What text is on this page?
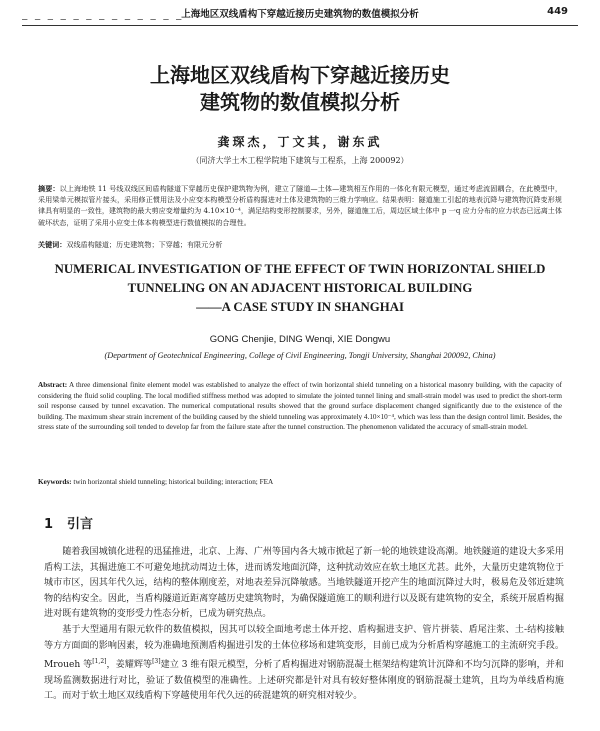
— — — — — — — — — — — — —
上海地区双线盾构下穿越近接历史建筑物的数值模拟分析	449
上海地区双线盾构下穿越近接历史
建筑物的数值模拟分析
龚琛杰，丁文其，谢东武
（同济大学土木工程学院地下建筑与工程系，上海 200092）
摘要：以上海地铁 11 号线双线区间盾构隧道下穿越历史保护建筑物为例，建立了隧道—土体—建筑相互作用的一体化有限元模型，通过考虑流固耦合，在此模型中，采用梁单元模拟管片接头，采用修正惯用法及小应变本构模型分析盾构掘进对土体及建筑物的三维力学响应。结果表明：隧道施工引起的地表沉降与建筑物沉降变形规律具有明显的一致性，建筑物的最大剪应变增量约为 4.10×10⁻⁴，满足结构变形控制要求，另外，隧道施工后，周边区域土体中 p 一q 应力分布的应力状态已远离土体破坏状态，证明了采用小应变土体本构模型进行数值模拟的合理性。
关键词：双线盾构隧道；历史建筑物；下穿越；有限元分析
NUMERICAL INVESTIGATION OF THE EFFECT OF TWIN HORIZONTAL SHIELD
TUNNELING ON AN ADJACENT HISTORICAL BUILDING
——A CASE STUDY IN SHANGHAI
GONG Chenjie, DING Wenqi, XIE Dongwu
(Department of Geotechnical Engineering, College of Civil Engineering, Tongji University, Shanghai 200092, China)
Abstract: A three dimensional finite element model was established to analyze the effect of twin horizontal shield tunneling on a historical masonry building, with the capacity of considering the fluid solid coupling. The local modified stiffness method was adopted to simulate the jointed tunnel lining and small-strain model was used to predict the short-term soil response caused by tunnel excavation. The numerical computational results showed that the ground surface displacement changed significantly due to the existence of the building. The maximum shear strain increment of the building caused by the shield tunneling was approximately 4.10×10⁻⁴, which was less than the design control limit. Besides, the stress state of the surrounding soil tended to develop far from the failure state after the tunnel construction. The phenomenon validated the accuracy of small-strain model.
Keywords: twin horizontal shield tunneling; historical building; interaction; FEA
1 引言

随着我国城镇化进程的迅猛推进，北京、上海、广州等国内各大城市掀起了新一轮的地铁建设高潮。地铁隧道的建设大多采用盾构工法，其掘进施工不可避免地扰动周边土体，进而诱发地面沉降，这种扰动效应在软土地区尤甚。此外，大量历史建筑物位于城市市区，因其年代久远，结构的整体刚度差，对地表差异沉降敏感。当地铁隧道开挖产生的地面沉降过大时，极易危及邻近建筑物的结构安全。因此，当盾构隧道近距离穿越历史建筑物时，为确保隧道施工的顺利进行以及既有建筑物的安全，系统开展盾构掘进对既有建筑物的变形受力性态分析，已成为研究热点。

基于大型通用有限元软件的数值模拟，因其可以较全面地考虑土体开挖、盾构掘进支护、管片拼装、盾尾注浆、土-结构接触等方方面面的影响因素，较为准确地预测盾构掘进引发的土体位移场和建筑变形，目前已成为分析盾构穿越施工的主流研究手段。Mroueh 等[1,2]，姜耀辉等[3]建立 3 维有限元模型，分析了盾构掘进对钢筋混凝土框架结构建筑计沉降和不均匀沉降的影响，并和现场监测数据进行对比，验证了数值模型的准确性。上述研究都是针对具有较好整体刚度的钢筋混凝土建筑，且均为单线盾构施工。而对于软土地区双线盾构下穿越使用年代久远的砖混建筑的研究相对较少。
